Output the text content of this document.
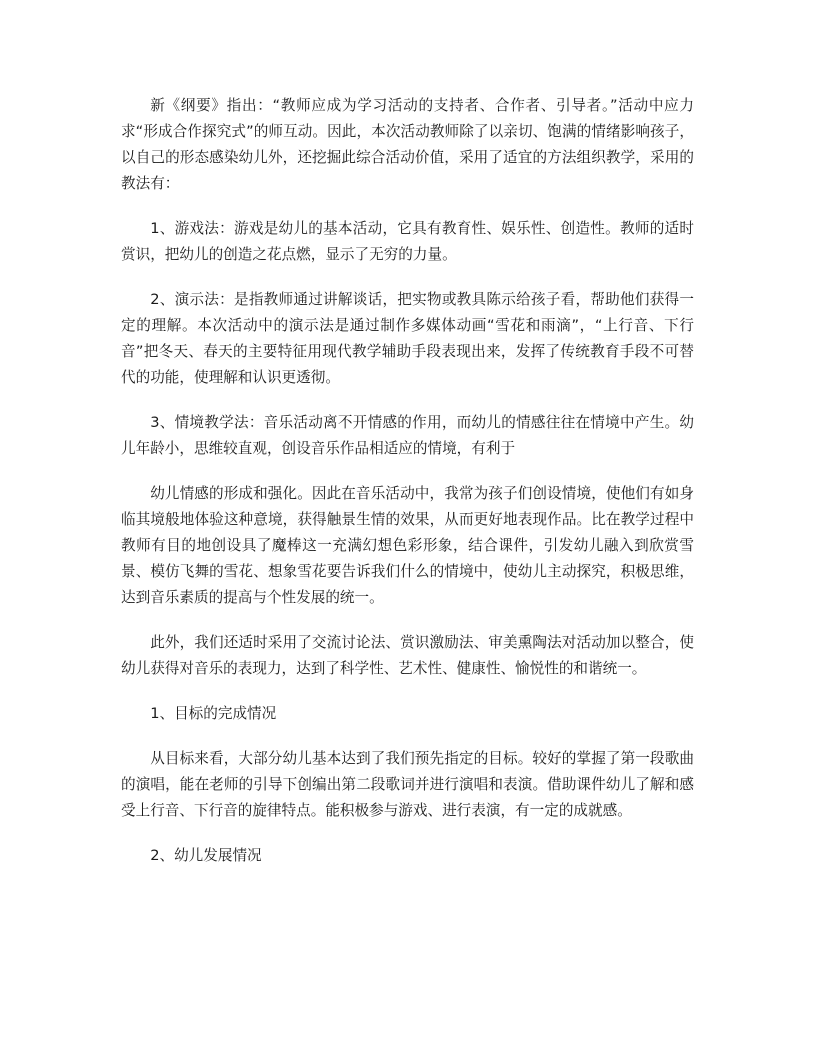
新《纲要》指出：“教师应成为学习活动的支持者、合作者、引导者。”活动中应力求“形成合作探究式”的师互动。因此，本次活动教师除了以亲切、饱满的情绪影响孩子，以自己的形态感染幼儿外，还挖掘此综合活动价值，采用了适宜的方法组织教学，采用的教法有：

1、游戏法：游戏是幼儿的基本活动，它具有教育性、娱乐性、创造性。教师的适时赏识，把幼儿的创造之花点燃，显示了无穷的力量。

2、演示法：是指教师通过讲解谈话，把实物或教具陈示给孩子看，帮助他们获得一定的理解。本次活动中的演示法是通过制作多媒体动画“雪花和雨滴”，“上行音、下行音”把冬天、春天的主要特征用现代教学辅助手段表现出来，发挥了传统教育手段不可替代的功能，使理解和认识更透彻。

3、情境教学法：音乐活动离不开情感的作用，而幼儿的情感往往在情境中产生。幼儿年龄小，思维较直观，创设音乐作品相适应的情境，有利于

幼儿情感的形成和强化。因此在音乐活动中，我常为孩子们创设情境，使他们有如身临其境般地体验这种意境，获得触景生情的效果，从而更好地表现作品。比在教学过程中教师有目的地创设具了魔棒这一充满幻想色彩形象，结合课件，引发幼儿融入到欣赏雪景、模仿飞舞的雪花、想象雪花要告诉我们什么的情境中，使幼儿主动探究，积极思维，达到音乐素质的提高与个性发展的统一。

此外，我们还适时采用了交流讨论法、赏识激励法、审美熏陶法对活动加以整合，使幼儿获得对音乐的表现力，达到了科学性、艺术性、健康性、愉悦性的和谐统一。

1、目标的完成情况

从目标来看，大部分幼儿基本达到了我们预先指定的目标。较好的掌握了第一段歌曲的演唱，能在老师的引导下创编出第二段歌词并进行演唱和表演。借助课件幼儿了解和感受上行音、下行音的旋律特点。能积极参与游戏、进行表演，有一定的成就感。

2、幼儿发展情况
